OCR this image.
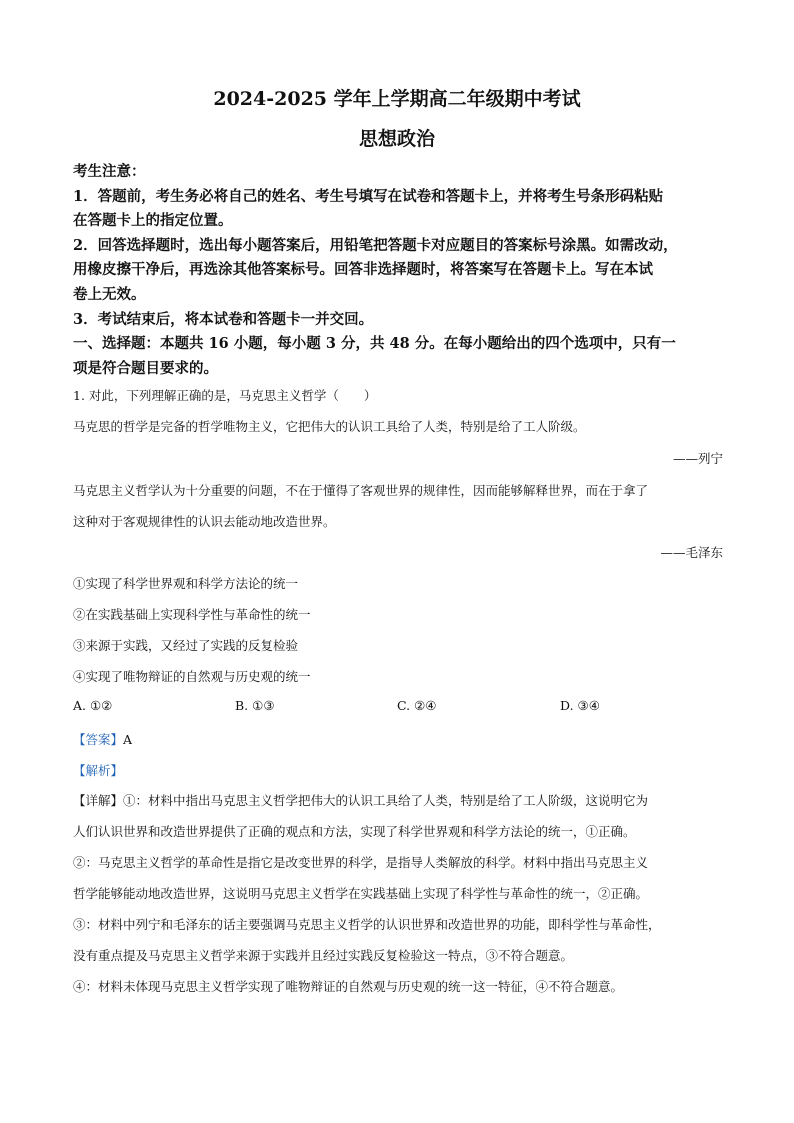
2024-2025 学年上学期高二年级期中考试
思想政治

考生注意：

1．答题前，考生务必将自己的姓名、考生号填写在试卷和答题卡上，并将考生号条形码粘贴

在答题卡上的指定位置。

2．回答选择题时，选出每小题答案后，用铅笔把答题卡对应题目的答案标号涂黑。如需改动，

用橡皮擦干净后，再选涂其他答案标号。回答非选择题时，将答案写在答题卡上。写在本试

卷上无效。

3．考试结束后，将本试卷和答题卡一并交回。

一、选择题：本题共 16 小题，每小题 3 分，共 48 分。在每小题给出的四个选项中，只有一

项是符合题目要求的。

1. 对此，下列理解正确的是，马克思主义哲学（　　）
马克思的哲学是完备的哲学唯物主义，它把伟大的认识工具给了人类，特别是给了工人阶级。
——列宁
马克思主义哲学认为十分重要的问题，不在于懂得了客观世界的规律性，因而能够解释世界，而在于拿了
这种对于客观规律性的认识去能动地改造世界。
——毛泽东
①实现了科学世界观和科学方法论的统一
②在实践基础上实现科学性与革命性的统一
③来源于实践，又经过了实践的反复检验
④实现了唯物辩证的自然观与历史观的统一
A. ①②	B. ①③	C. ②④	D. ③④
【答案】A
【解析】

【详解】①：材料中指出马克思主义哲学把伟大的认识工具给了人类，特别是给了工人阶级，这说明它为

人们认识世界和改造世界提供了正确的观点和方法，实现了科学世界观和科学方法论的统一，①正确。

②：马克思主义哲学的革命性是指它是改变世界的科学，是指导人类解放的科学。材料中指出马克思主义

哲学能够能动地改造世界，这说明马克思主义哲学在实践基础上实现了科学性与革命性的统一，②正确。

③：材料中列宁和毛泽东的话主要强调马克思主义哲学的认识世界和改造世界的功能，即科学性与革命性，

没有重点提及马克思主义哲学来源于实践并且经过实践反复检验这一特点，③不符合题意。

④：材料未体现马克思主义哲学实现了唯物辩证的自然观与历史观的统一这一特征，④不符合题意。
